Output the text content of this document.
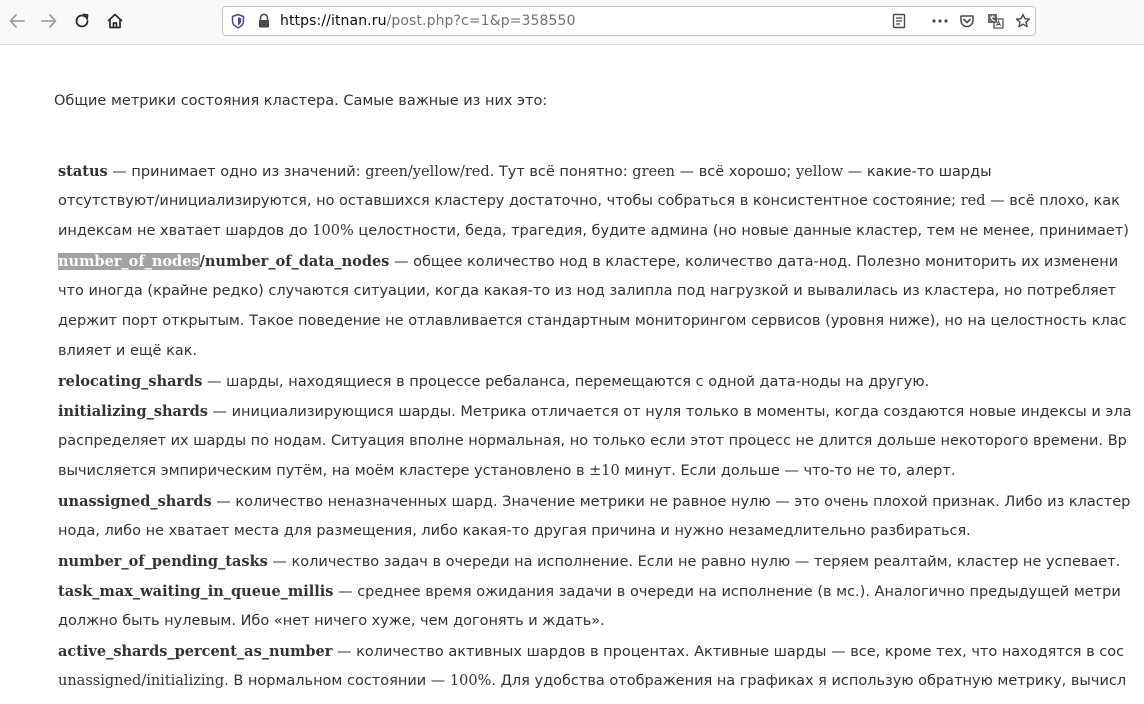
https://itnan.ru/post.php?c=1&p=358550
Общие метрики состояния кластера. Самые важные из них это:
status — принимает одно из значений: green/yellow/red. Тут всё понятно: green — всё хорошо; yellow — какие-то шарды
отсутствуют/инициализируются, но оставшихся кластеру достаточно, чтобы собраться в консистентное состояние; red — всё плохо, как
индексам не хватает шардов до 100% целостности, беда, трагедия, будите админа (но новые данные кластер, тем не менее, принимает)
number_of_nodes/number_of_data_nodes — общее количество нод в кластере, количество дата-нод. Полезно мониторить их изменени
что иногда (крайне редко) случаются ситуации, когда какая-то из нод залипла под нагрузкой и вывалилась из кластера, но потребляет
держит порт открытым. Такое поведение не отлавливается стандартным мониторингом сервисов (уровня ниже), но на целостность клас
влияет и ещё как.
relocating_shards — шарды, находящиеся в процессе ребаланса, перемещаются с одной дата-ноды на другую.
initializing_shards — инициализирующися шарды. Метрика отличается от нуля только в моменты, когда создаются новые индексы и эла
распределяет их шарды по нодам. Ситуация вполне нормальная, но только если этот процесс не длится дольше некоторого времени. Вр
вычисляется эмпирическим путём, на моём кластере установлено в ±10 минут. Если дольше — что-то не то, алерт.
unassigned_shards — количество неназначенных шард. Значение метрики не равное нулю — это очень плохой признак. Либо из кластер
нода, либо не хватает места для размещения, либо какая-то другая причина и нужно незамедлительно разбираться.
number_of_pending_tasks — количество задач в очереди на исполнение. Если не равно нулю — теряем реалтайм, кластер не успевает.
task_max_waiting_in_queue_millis — среднее время ожидания задачи в очереди на исполнение (в мс.). Аналогично предыдущей метри
должно быть нулевым. Ибо «нет ничего хуже, чем догонять и ждать».
active_shards_percent_as_number — количество активных шардов в процентах. Активные шарды — все, кроме тех, что находятся в сос
unassigned/initializing. В нормальном состоянии — 100%. Для удобства отображения на графиках я использую обратную метрику, вычисл
